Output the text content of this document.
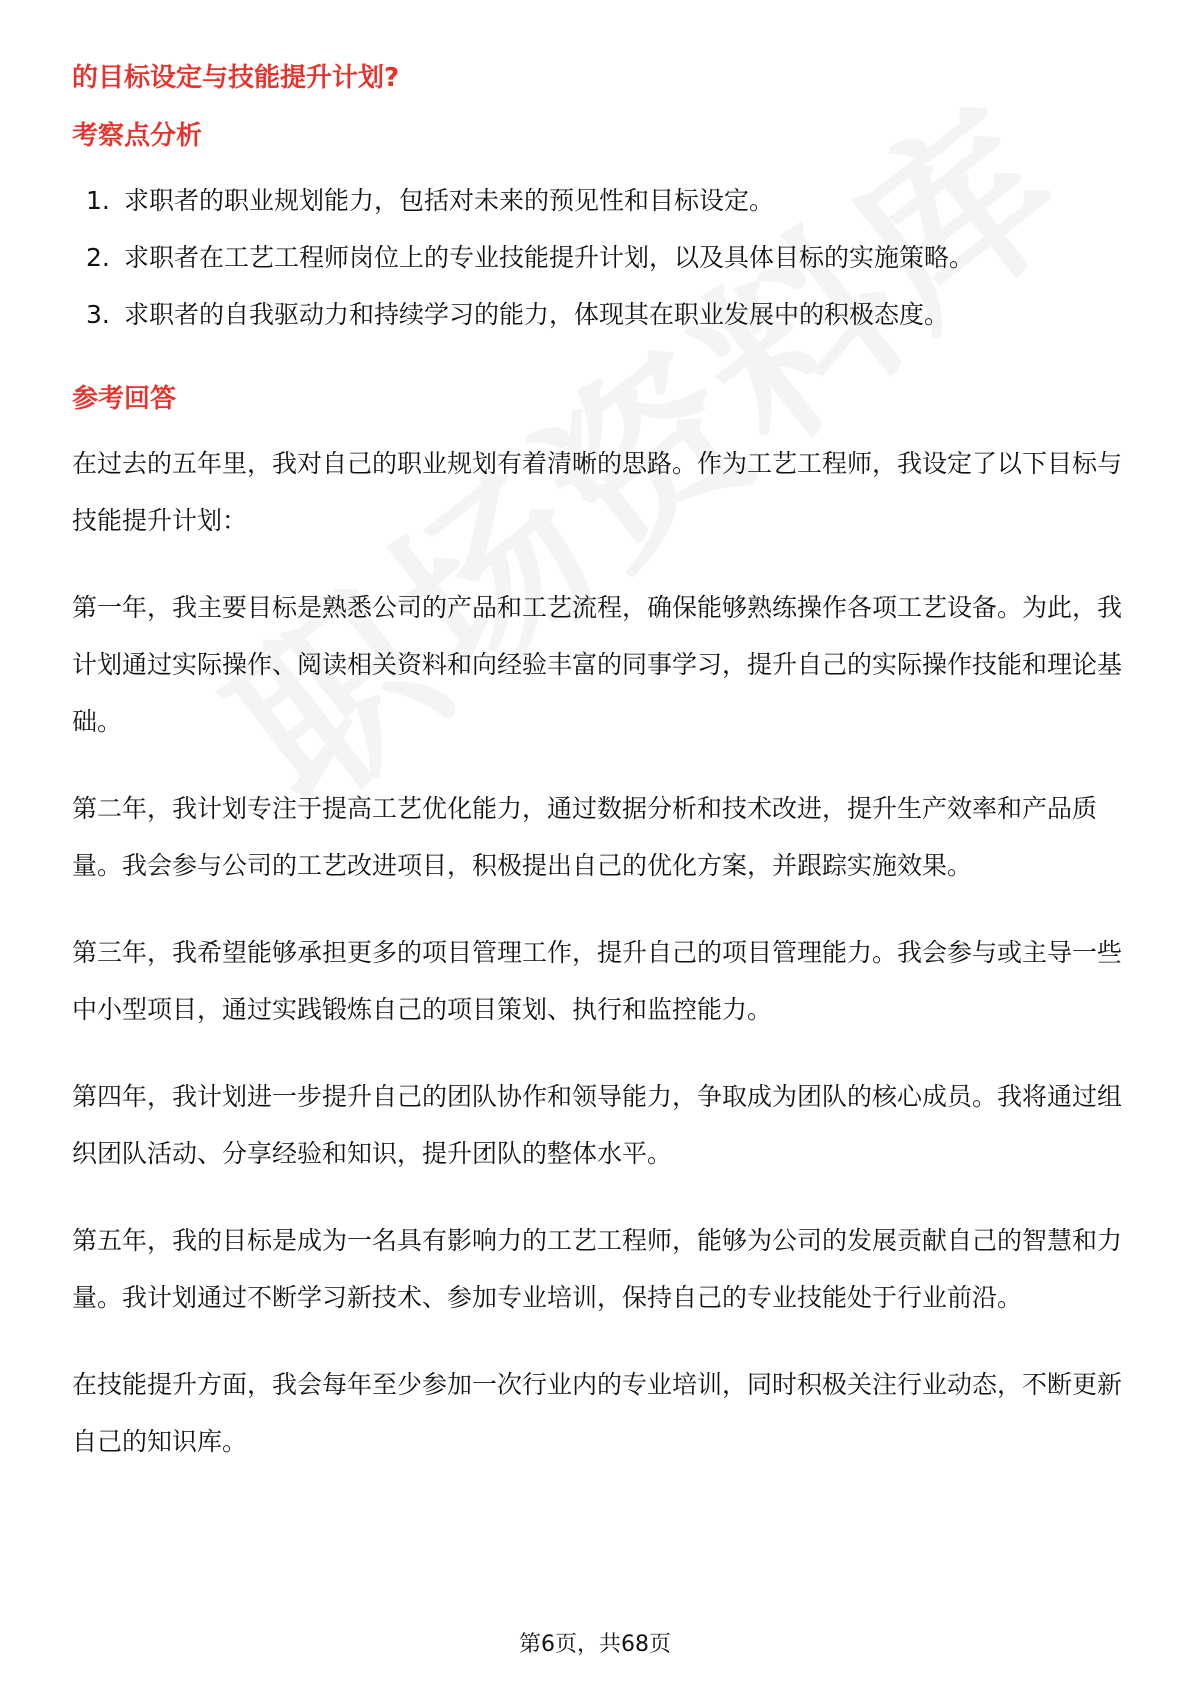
的目标设定与技能提升计划?
考察点分析
1. 求职者的职业规划能力，包括对未来的预见性和目标设定。
2. 求职者在工艺工程师岗位上的专业技能提升计划，以及具体目标的实施策略。
3. 求职者的自我驱动力和持续学习的能力，体现其在职业发展中的积极态度。
参考回答

在过去的五年里，我对自己的职业规划有着清晰的思路。作为工艺工程师，我设定了以下目标与技能提升计划：

第一年，我主要目标是熟悉公司的产品和工艺流程，确保能够熟练操作各项工艺设备。为此，我计划通过实际操作、阅读相关资料和向经验丰富的同事学习，提升自己的实际操作技能和理论基础。

第二年，我计划专注于提高工艺优化能力，通过数据分析和技术改进，提升生产效率和产品质量。我会参与公司的工艺改进项目，积极提出自己的优化方案，并跟踪实施效果。

第三年，我希望能够承担更多的项目管理工作，提升自己的项目管理能力。我会参与或主导一些中小型项目，通过实践锻炼自己的项目策划、执行和监控能力。

第四年，我计划进一步提升自己的团队协作和领导能力，争取成为团队的核心成员。我将通过组织团队活动、分享经验和知识，提升团队的整体水平。

第五年，我的目标是成为一名具有影响力的工艺工程师，能够为公司的发展贡献自己的智慧和力量。我计划通过不断学习新技术、参加专业培训，保持自己的专业技能处于行业前沿。

在技能提升方面，我会每年至少参加一次行业内的专业培训，同时积极关注行业动态，不断更新自己的知识库。

第6页，共68页
